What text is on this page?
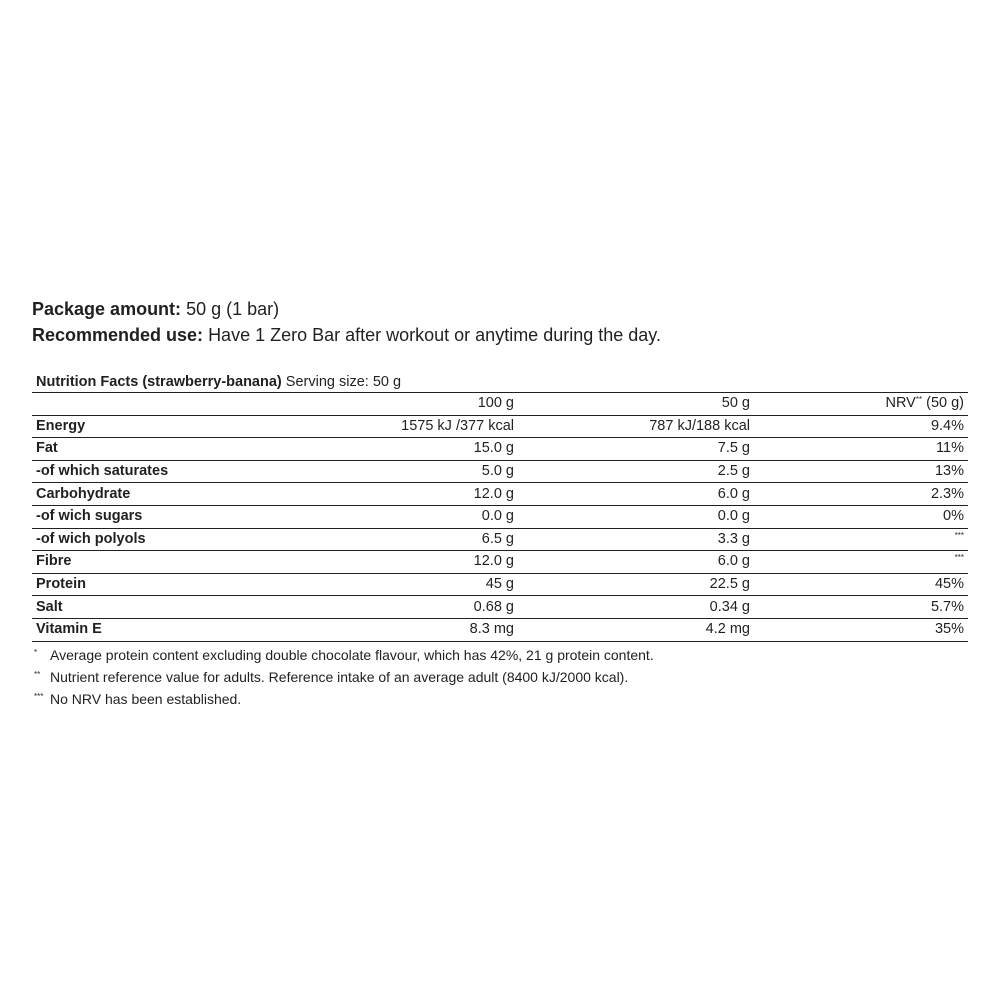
Package amount: 50 g (1 bar)
Recommended use: Have 1 Zero Bar after workout or anytime during the day.
Nutrition Facts (strawberry-banana) Serving size: 50 g
	100 g	50 g	NRV** (50 g)
Energy	1575 kJ /377 kcal	787 kJ/188 kcal	9.4%
Fat	15.0 g	7.5 g	11%
-of which saturates	5.0 g	2.5 g	13%
Carbohydrate	12.0 g	6.0 g	2.3%
-of wich sugars	0.0 g	0.0 g	0%
-of wich polyols	6.5 g	3.3 g	***
Fibre	12.0 g	6.0 g	***
Protein	45 g	22.5 g	45%
Salt	0.68 g	0.34 g	5.7%
Vitamin E	8.3 mg	4.2 mg	35%
* Average protein content excluding double chocolate flavour, which has 42%, 21 g protein content.
** Nutrient reference value for adults. Reference intake of an average adult (8400 kJ/2000 kcal).
*** No NRV has been established.
